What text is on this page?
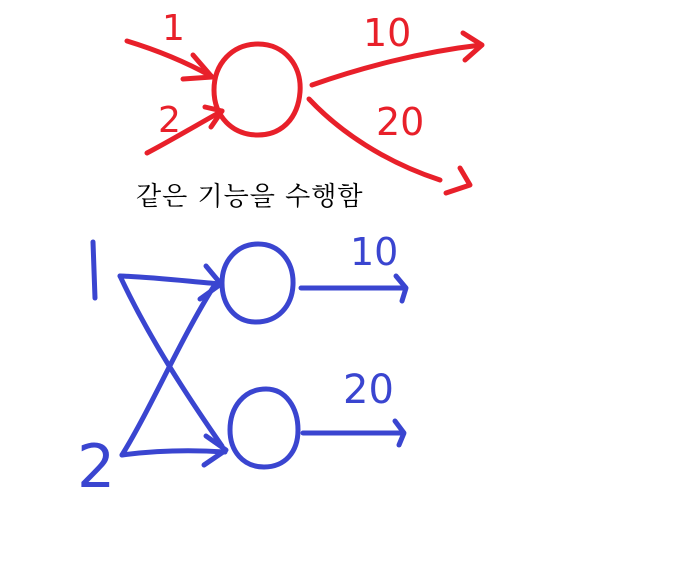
1
2
10
20
10
20
2
같은 기능을 수행함
